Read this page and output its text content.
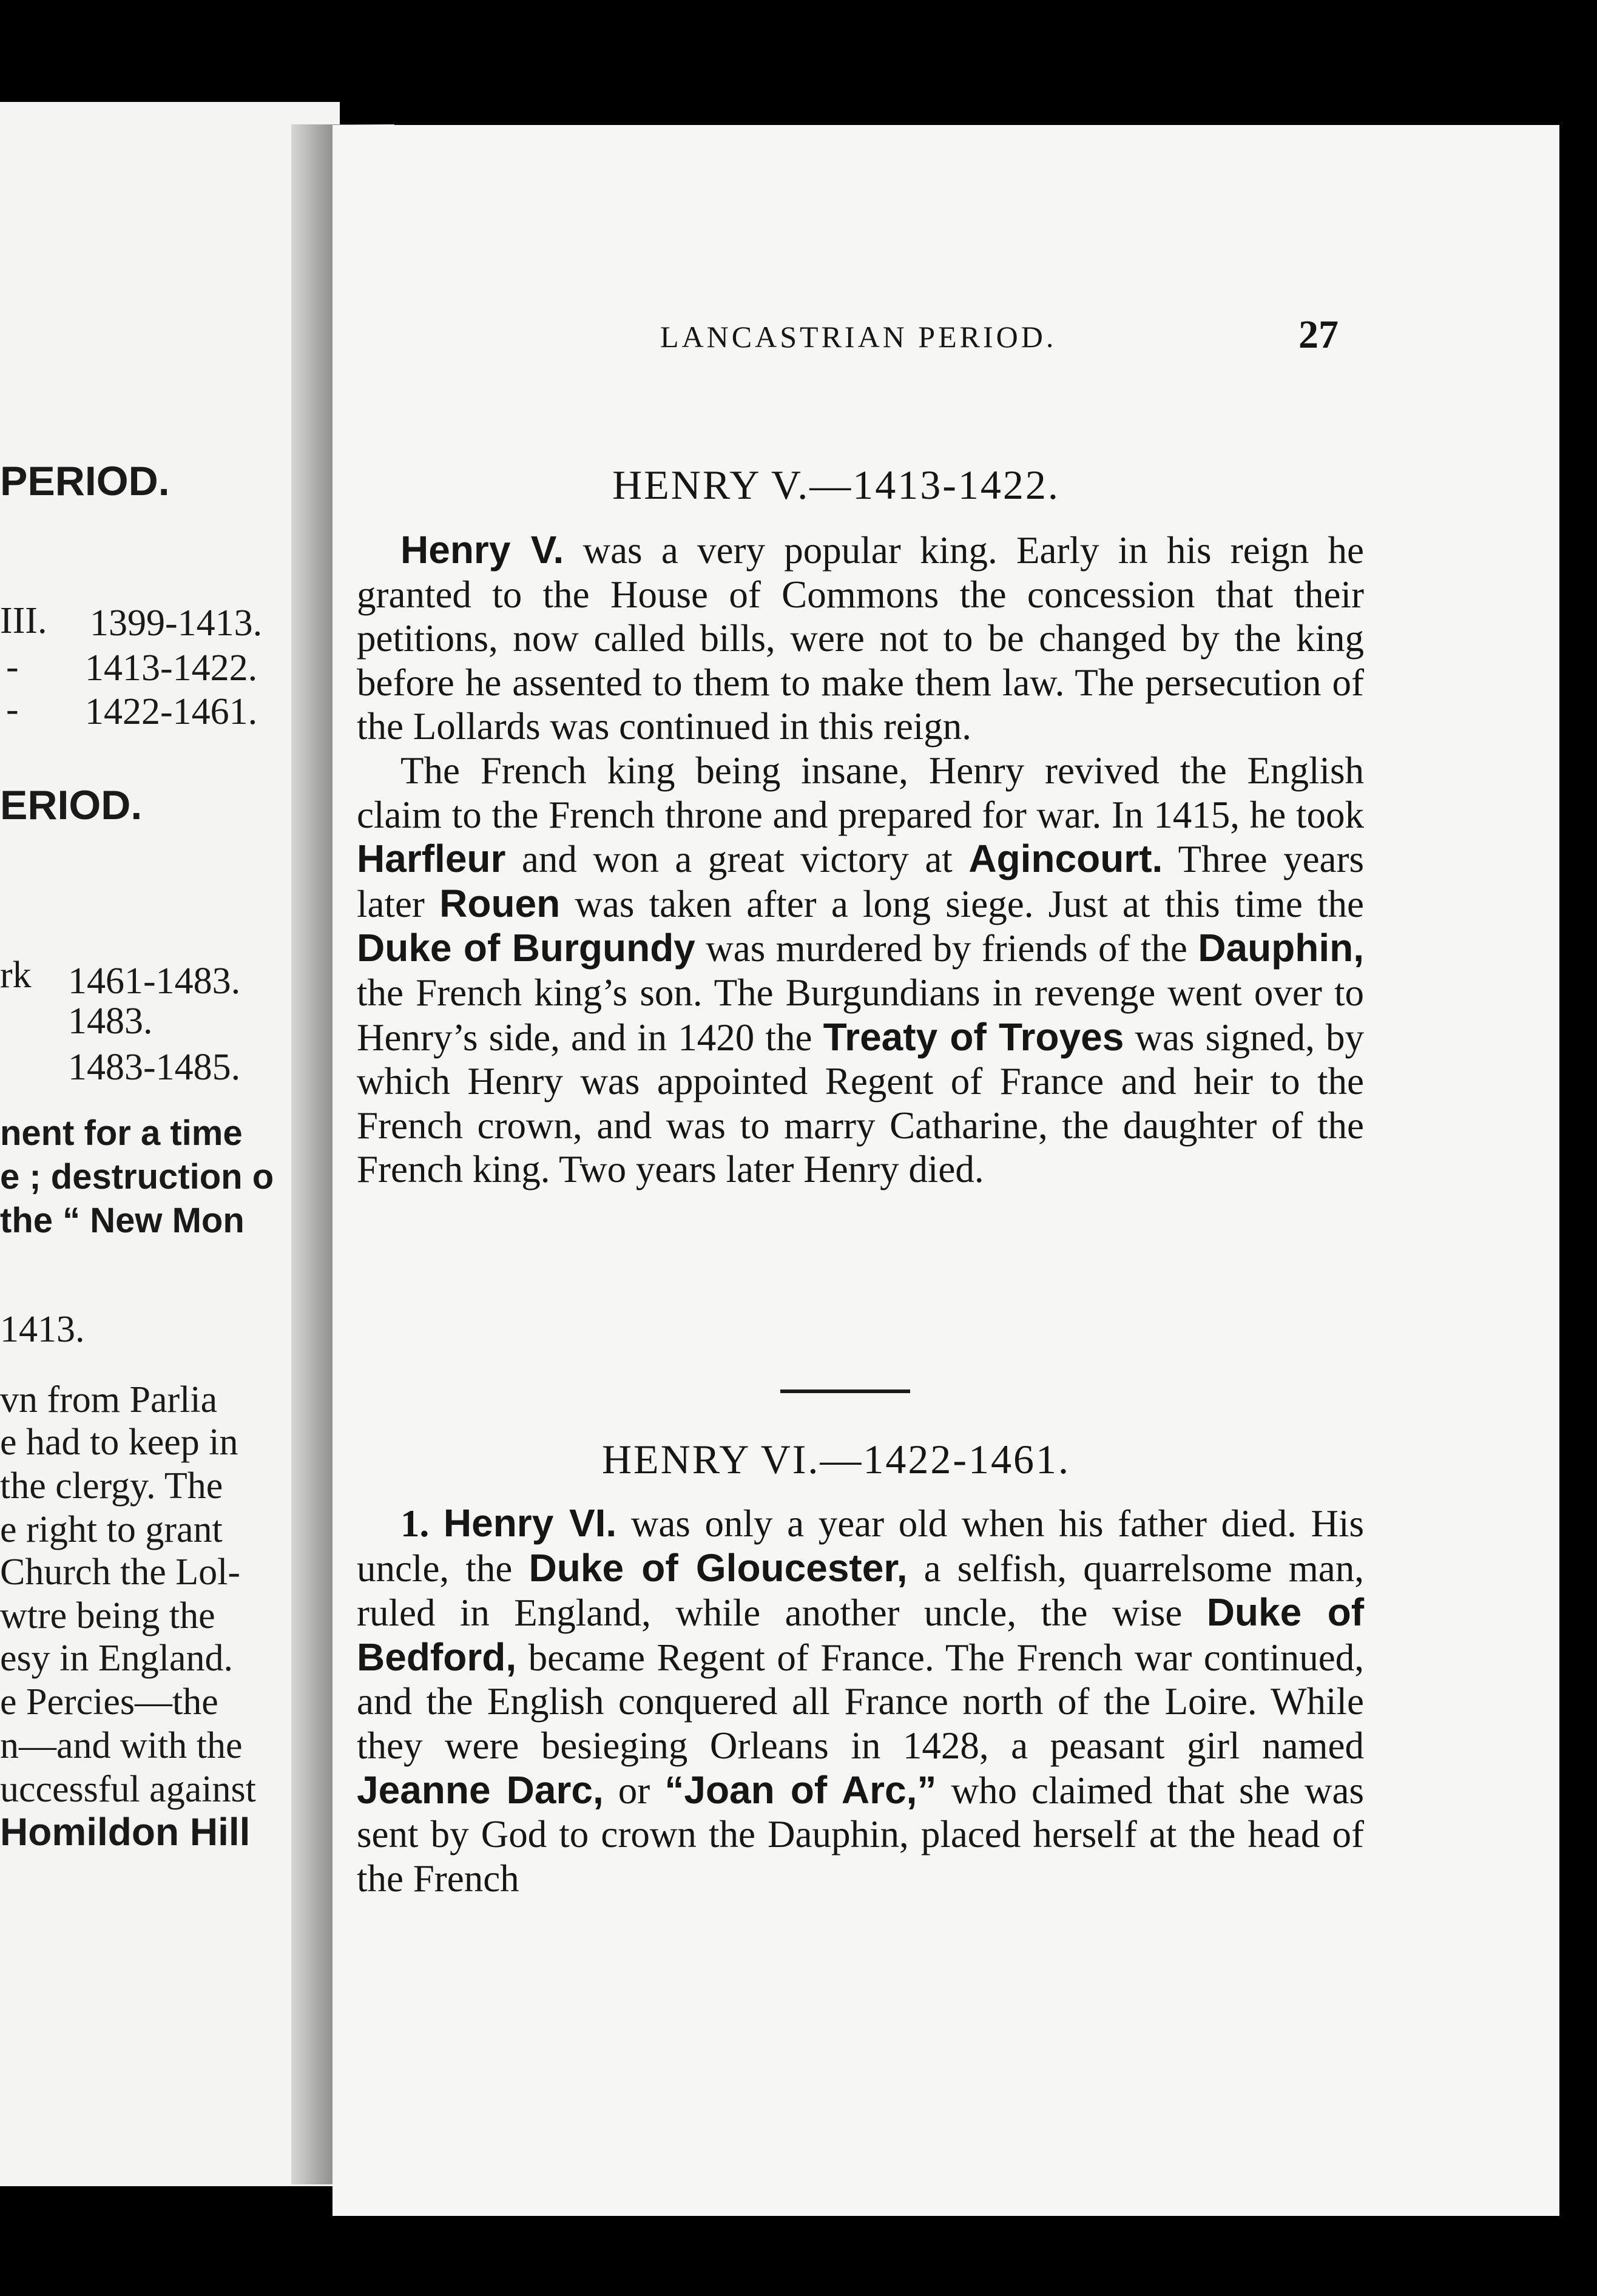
PERIOD.
III. 1399-1413.
- 1413-1422.
- 1422-1461.
ERIOD.
rk 1461-1483.
1483.
1483-1485.
nent for a time
e ; destruction o
the “ New Mon
1413.
vn from Parlia
e had to keep in
the clergy. The
e right to grant
Church the Lol-
wtre being the
esy in England.
e Percies—the
n—and with the
uccessful against
Homildon Hill
LANCASTRIAN PERIOD.	27
HENRY V.—1413-1422.

Henry V. was a very popular king. Early in his reign he granted to the House of Commons the concession that their petitions, now called bills, were not to be changed by the king before he assented to them to make them law. The persecution of the Lollards was continued in this reign.

The French king being insane, Henry revived the English claim to the French throne and prepared for war. In 1415, he took Harfleur and won a great victory at Agincourt. Three years later Rouen was taken after a long siege. Just at this time the Duke of Burgundy was murdered by friends of the Dauphin, the French king’s son. The Burgundians in revenge went over to Henry’s side, and in 1420 the Treaty of Troyes was signed, by which Henry was appointed Regent of France and heir to the French crown, and was to marry Catharine, the daughter of the French king. Two years later Henry died.

HENRY VI.—1422-1461.

1. Henry VI. was only a year old when his father died. His uncle, the Duke of Gloucester, a selfish, quarrelsome man, ruled in England, while another uncle, the wise Duke of Bedford, became Regent of France. The French war continued, and the English conquered all France north of the Loire. While they were besieging Orleans in 1428, a peasant girl named Jeanne Darc, or “Joan of Arc,” who claimed that she was sent by God to crown the Dauphin, placed herself at the head of the French
